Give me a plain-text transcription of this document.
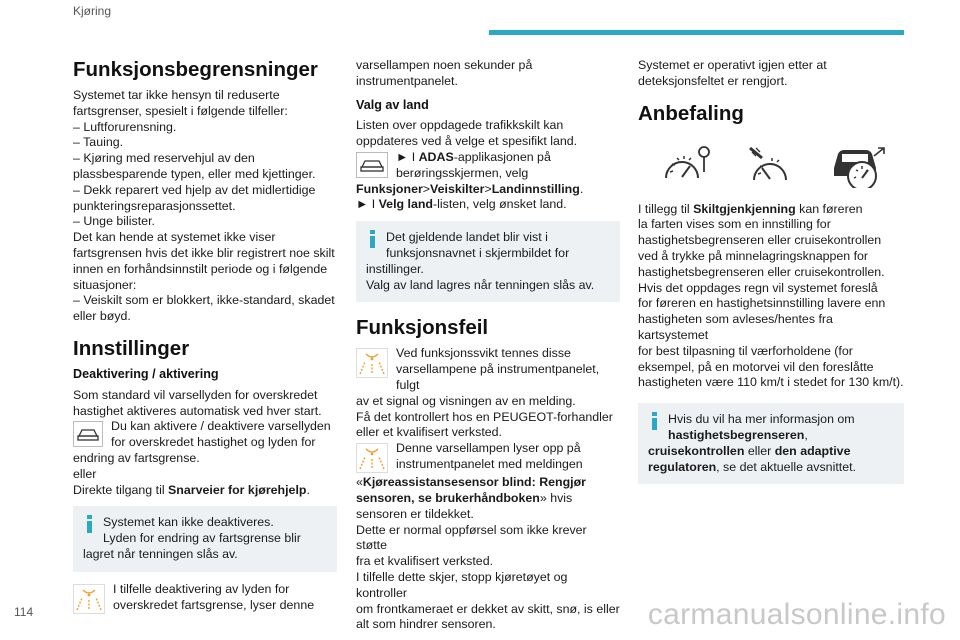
Kjøring
Funksjonsbegrensninger
Systemet tar ikke hensyn til reduserte
fartsgrenser, spesielt i følgende tilfeller:
– Luftforurensning.
– Tauing.
– Kjøring med reservehjul av den
plassbesparende typen, eller med kjettinger.
– Dekk reparert ved hjelp av det midlertidige
punkteringsreparasjonssettet.
– Unge bilister.
Det kan hende at systemet ikke viser
fartsgrensen hvis det ikke blir registrert noe skilt
innen en forhåndsinnstilt periode og i følgende
situasjoner:
– Veiskilt som er blokkert, ikke-standard, skadet
eller bøyd.
Innstillinger
Deaktivering / aktivering
Som standard vil varsellyden for overskredet
hastighet aktiveres automatisk ved hver start.
Du kan aktivere / deaktivere varsellyden
for overskredet hastighet og lyden for
endring av fartsgrense.
eller
Direkte tilgang til Snarveier for kjørehjelp.
Systemet kan ikke deaktiveres.
Lyden for endring av fartsgrense blir
lagret når tenningen slås av.
I tilfelle deaktivering av lyden for
overskredet fartsgrense, lyser denne
varsellampen noen sekunder på
instrumentpanelet.
Valg av land
Listen over oppdagede trafikkskilt kan
oppdateres ved å velge et spesifikt land.
► I ADAS-applikasjonen på
berøringsskjermen, velg
Funksjoner>Veiskilter>Landinnstilling.
► I Velg land-listen, velg ønsket land.
Det gjeldende landet blir vist i
funksjonsnavnet i skjermbildet for
instillinger.
Valg av land lagres når tenningen slås av.
Funksjonsfeil
Ved funksjonssvikt tennes disse
varsellampene på instrumentpanelet, fulgt
av et signal og visningen av en melding.
Få det kontrollert hos en PEUGEOT-forhandler
eller et kvalifisert verksted.
Denne varsellampen lyser opp på
instrumentpanelet med meldingen
«Kjøreassistansesensor blind: Rengjør
sensoren, se brukerhåndboken» hvis
sensoren er tildekket.
Dette er normal oppførsel som ikke krever støtte
fra et kvalifisert verksted.
I tilfelle dette skjer, stopp kjøretøyet og kontroller
om frontkameraet er dekket av skitt, snø, is eller
alt som hindrer sensoren.
Systemet er operativt igjen etter at
deteksjonsfeltet er rengjort.
Anbefaling
I tillegg til Skiltgjenkjenning kan føreren
la farten vises som en innstilling for
hastighetsbegrenseren eller cruisekontrollen
ved å trykke på minnelagringsknappen for
hastighetsbegrenseren eller cruisekontrollen.
Hvis det oppdages regn vil systemet foreslå
for føreren en hastighetsinnstilling lavere enn
hastigheten som avleses/hentes fra kartsystemet
for best tilpasning til værforholdene (for
eksempel, på en motorvei vil den foreslåtte
hastigheten være 110 km/t i stedet for 130 km/t).
Hvis du vil ha mer informasjon om
hastighetsbegrenseren,
cruisekontrollen eller den adaptive
regulatoren, se det aktuelle avsnittet.
114	carmanualsonline.info
